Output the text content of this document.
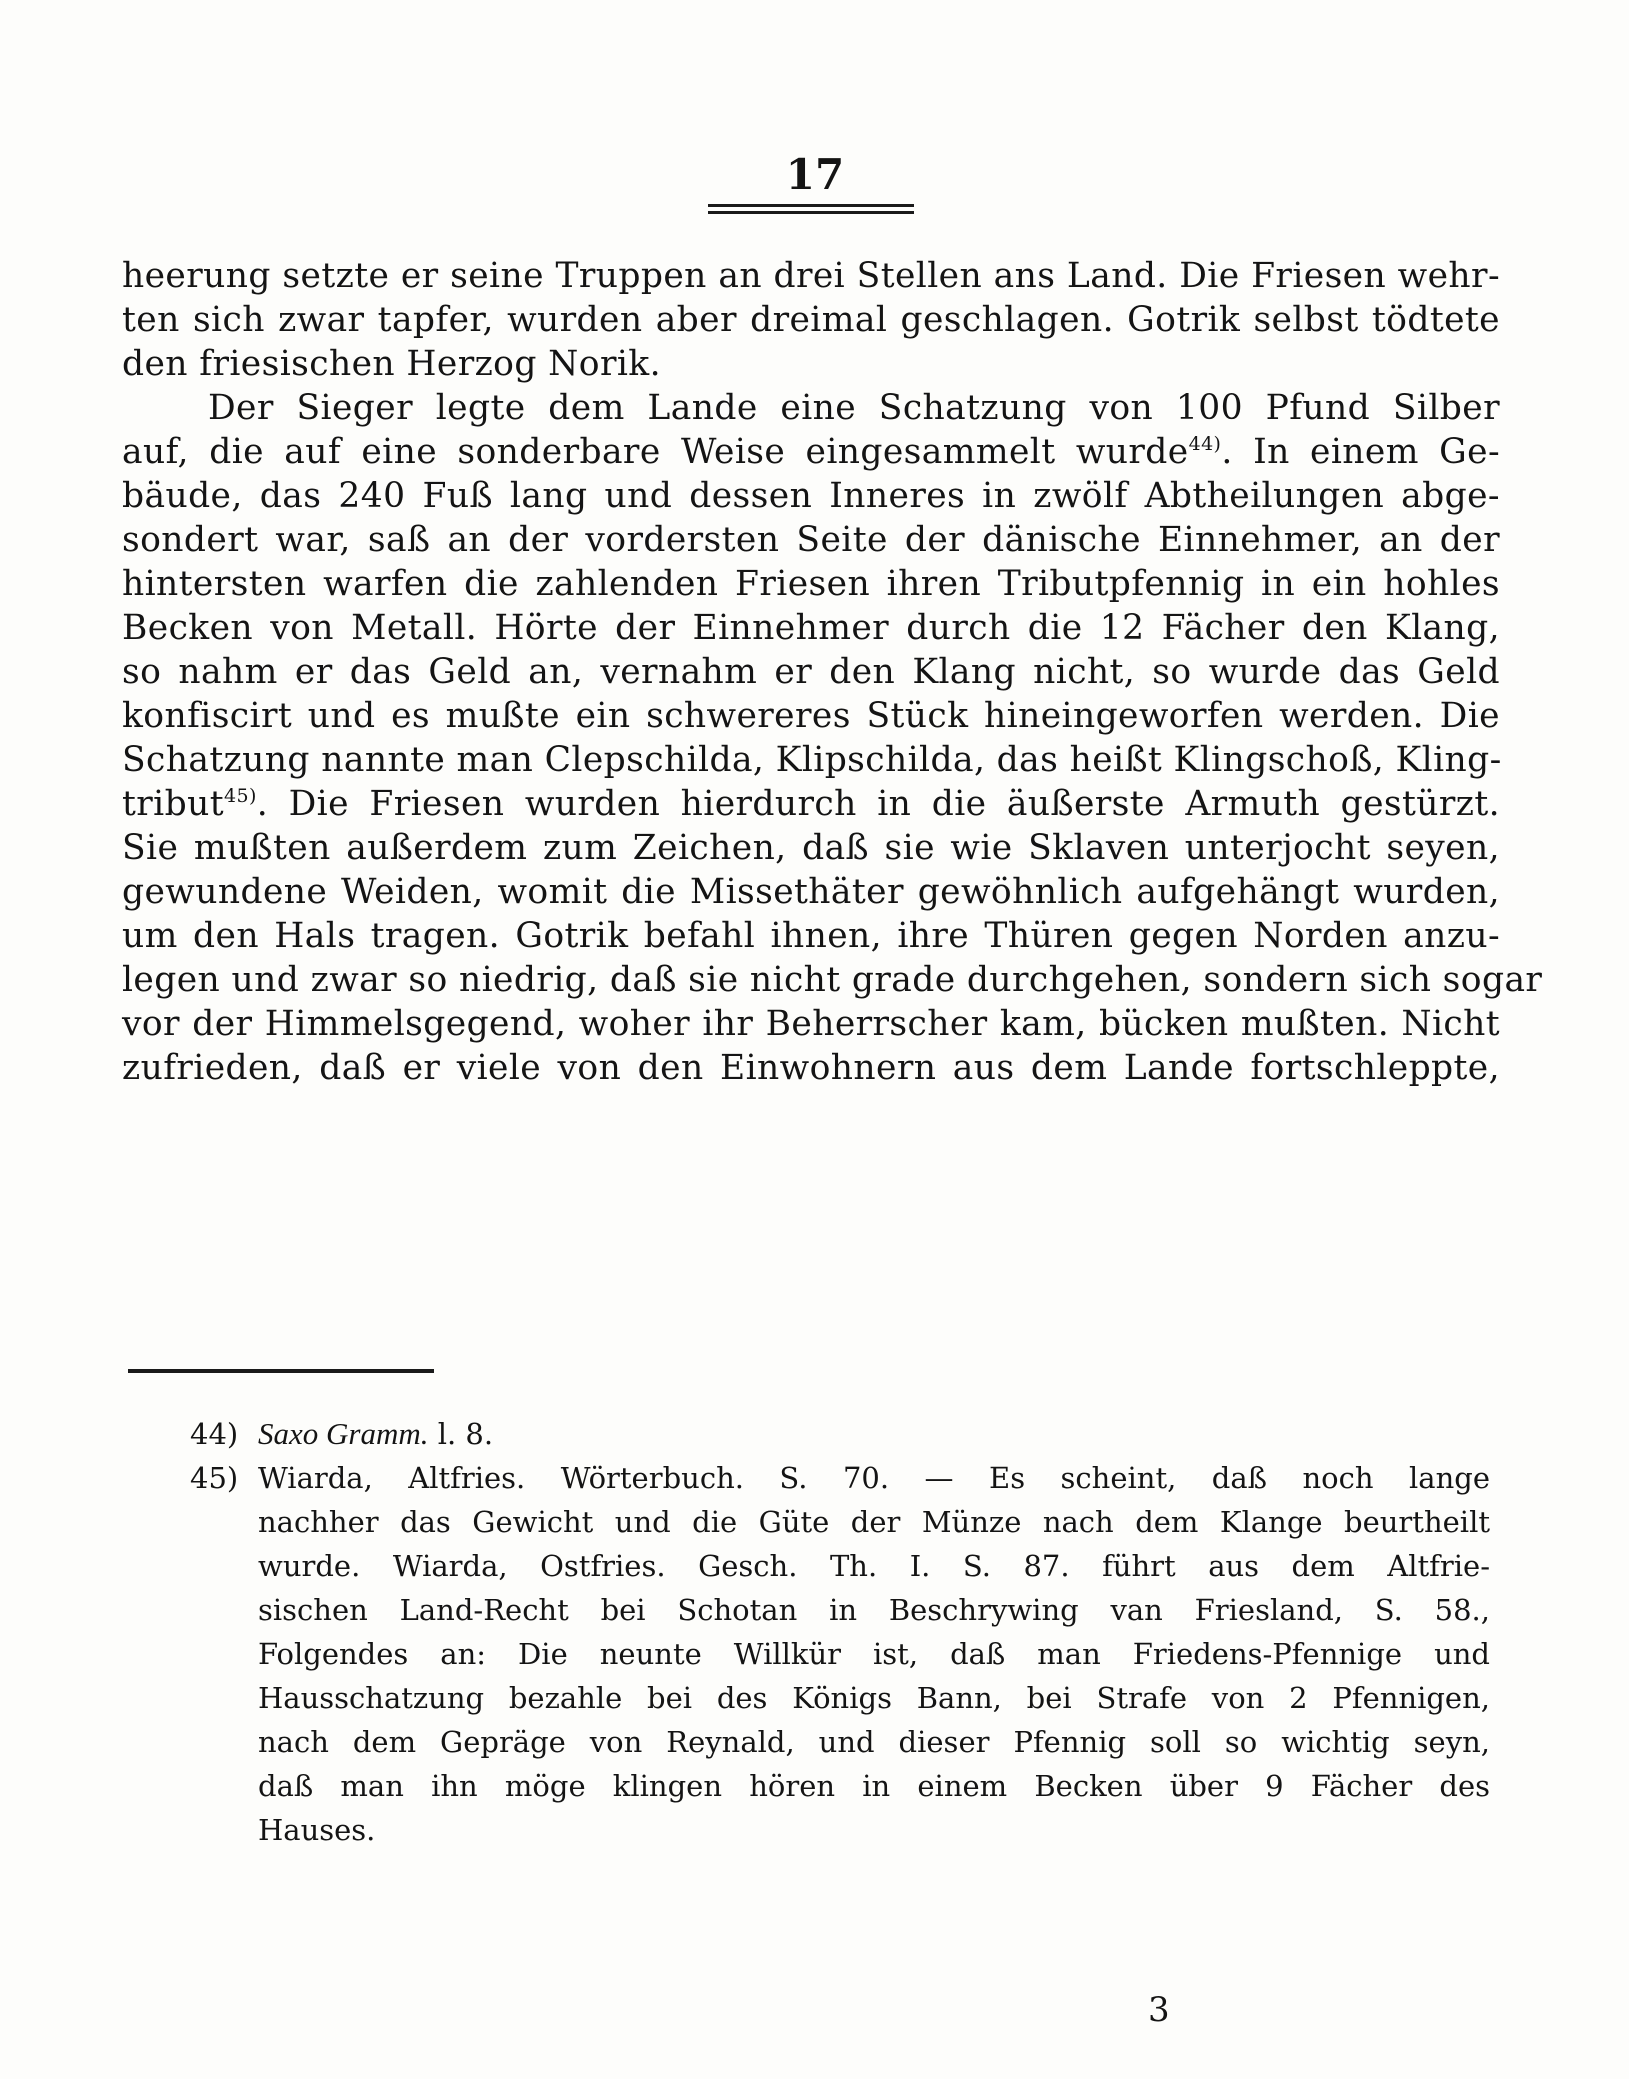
17
heerung setzte er seine Truppen an drei Stellen ans Land. Die Friesen wehr-
ten sich zwar tapfer, wurden aber dreimal geschlagen. Gotrik selbst tödtete
den friesischen Herzog Norik.
Der Sieger legte dem Lande eine Schatzung von 100 Pfund Silber
auf, die auf eine sonderbare Weise eingesammelt wurde$^{44)}$. In einem Ge-
bäude, das 240 Fuß lang und dessen Inneres in zwölf Abtheilungen abge-
sondert war, saß an der vordersten Seite der dänische Einnehmer, an der
hintersten warfen die zahlenden Friesen ihren Tributpfennig in ein hohles
Becken von Metall. Hörte der Einnehmer durch die 12 Fächer den Klang,
so nahm er das Geld an, vernahm er den Klang nicht, so wurde das Geld
konfiscirt und es mußte ein schwereres Stück hineingeworfen werden. Die
Schatzung nannte man Clepschilda, Klipschilda, das heißt Klingschoß, Kling-
tribut$^{45)}$. Die Friesen wurden hierdurch in die äußerste Armuth gestürzt.
Sie mußten außerdem zum Zeichen, daß sie wie Sklaven unterjocht seyen,
gewundene Weiden, womit die Missethäter gewöhnlich aufgehängt wurden,
um den Hals tragen. Gotrik befahl ihnen, ihre Thüren gegen Norden anzu-
legen und zwar so niedrig, daß sie nicht grade durchgehen, sondern sich sogar
vor der Himmelsgegend, woher ihr Beherrscher kam, bücken mußten. Nicht
zufrieden, daß er viele von den Einwohnern aus dem Lande fortschleppte,
44) Saxo Gramm. l. 8.
45) Wiarda, Altfries. Wörterbuch. S. 70. — Es scheint, daß noch lange
nachher das Gewicht und die Güte der Münze nach dem Klange beurtheilt
wurde. Wiarda, Ostfries. Gesch. Th. I. S. 87. führt aus dem Altfrie-
sischen Land-Recht bei Schotan in Beschrywing van Friesland, S. 58.,
Folgendes an: Die neunte Willkür ist, daß man Friedens-Pfennige und
Hausschatzung bezahle bei des Königs Bann, bei Strafe von 2 Pfennigen,
nach dem Gepräge von Reynald, und dieser Pfennig soll so wichtig seyn,
daß man ihn möge klingen hören in einem Becken über 9 Fächer des
Hauses.
3
